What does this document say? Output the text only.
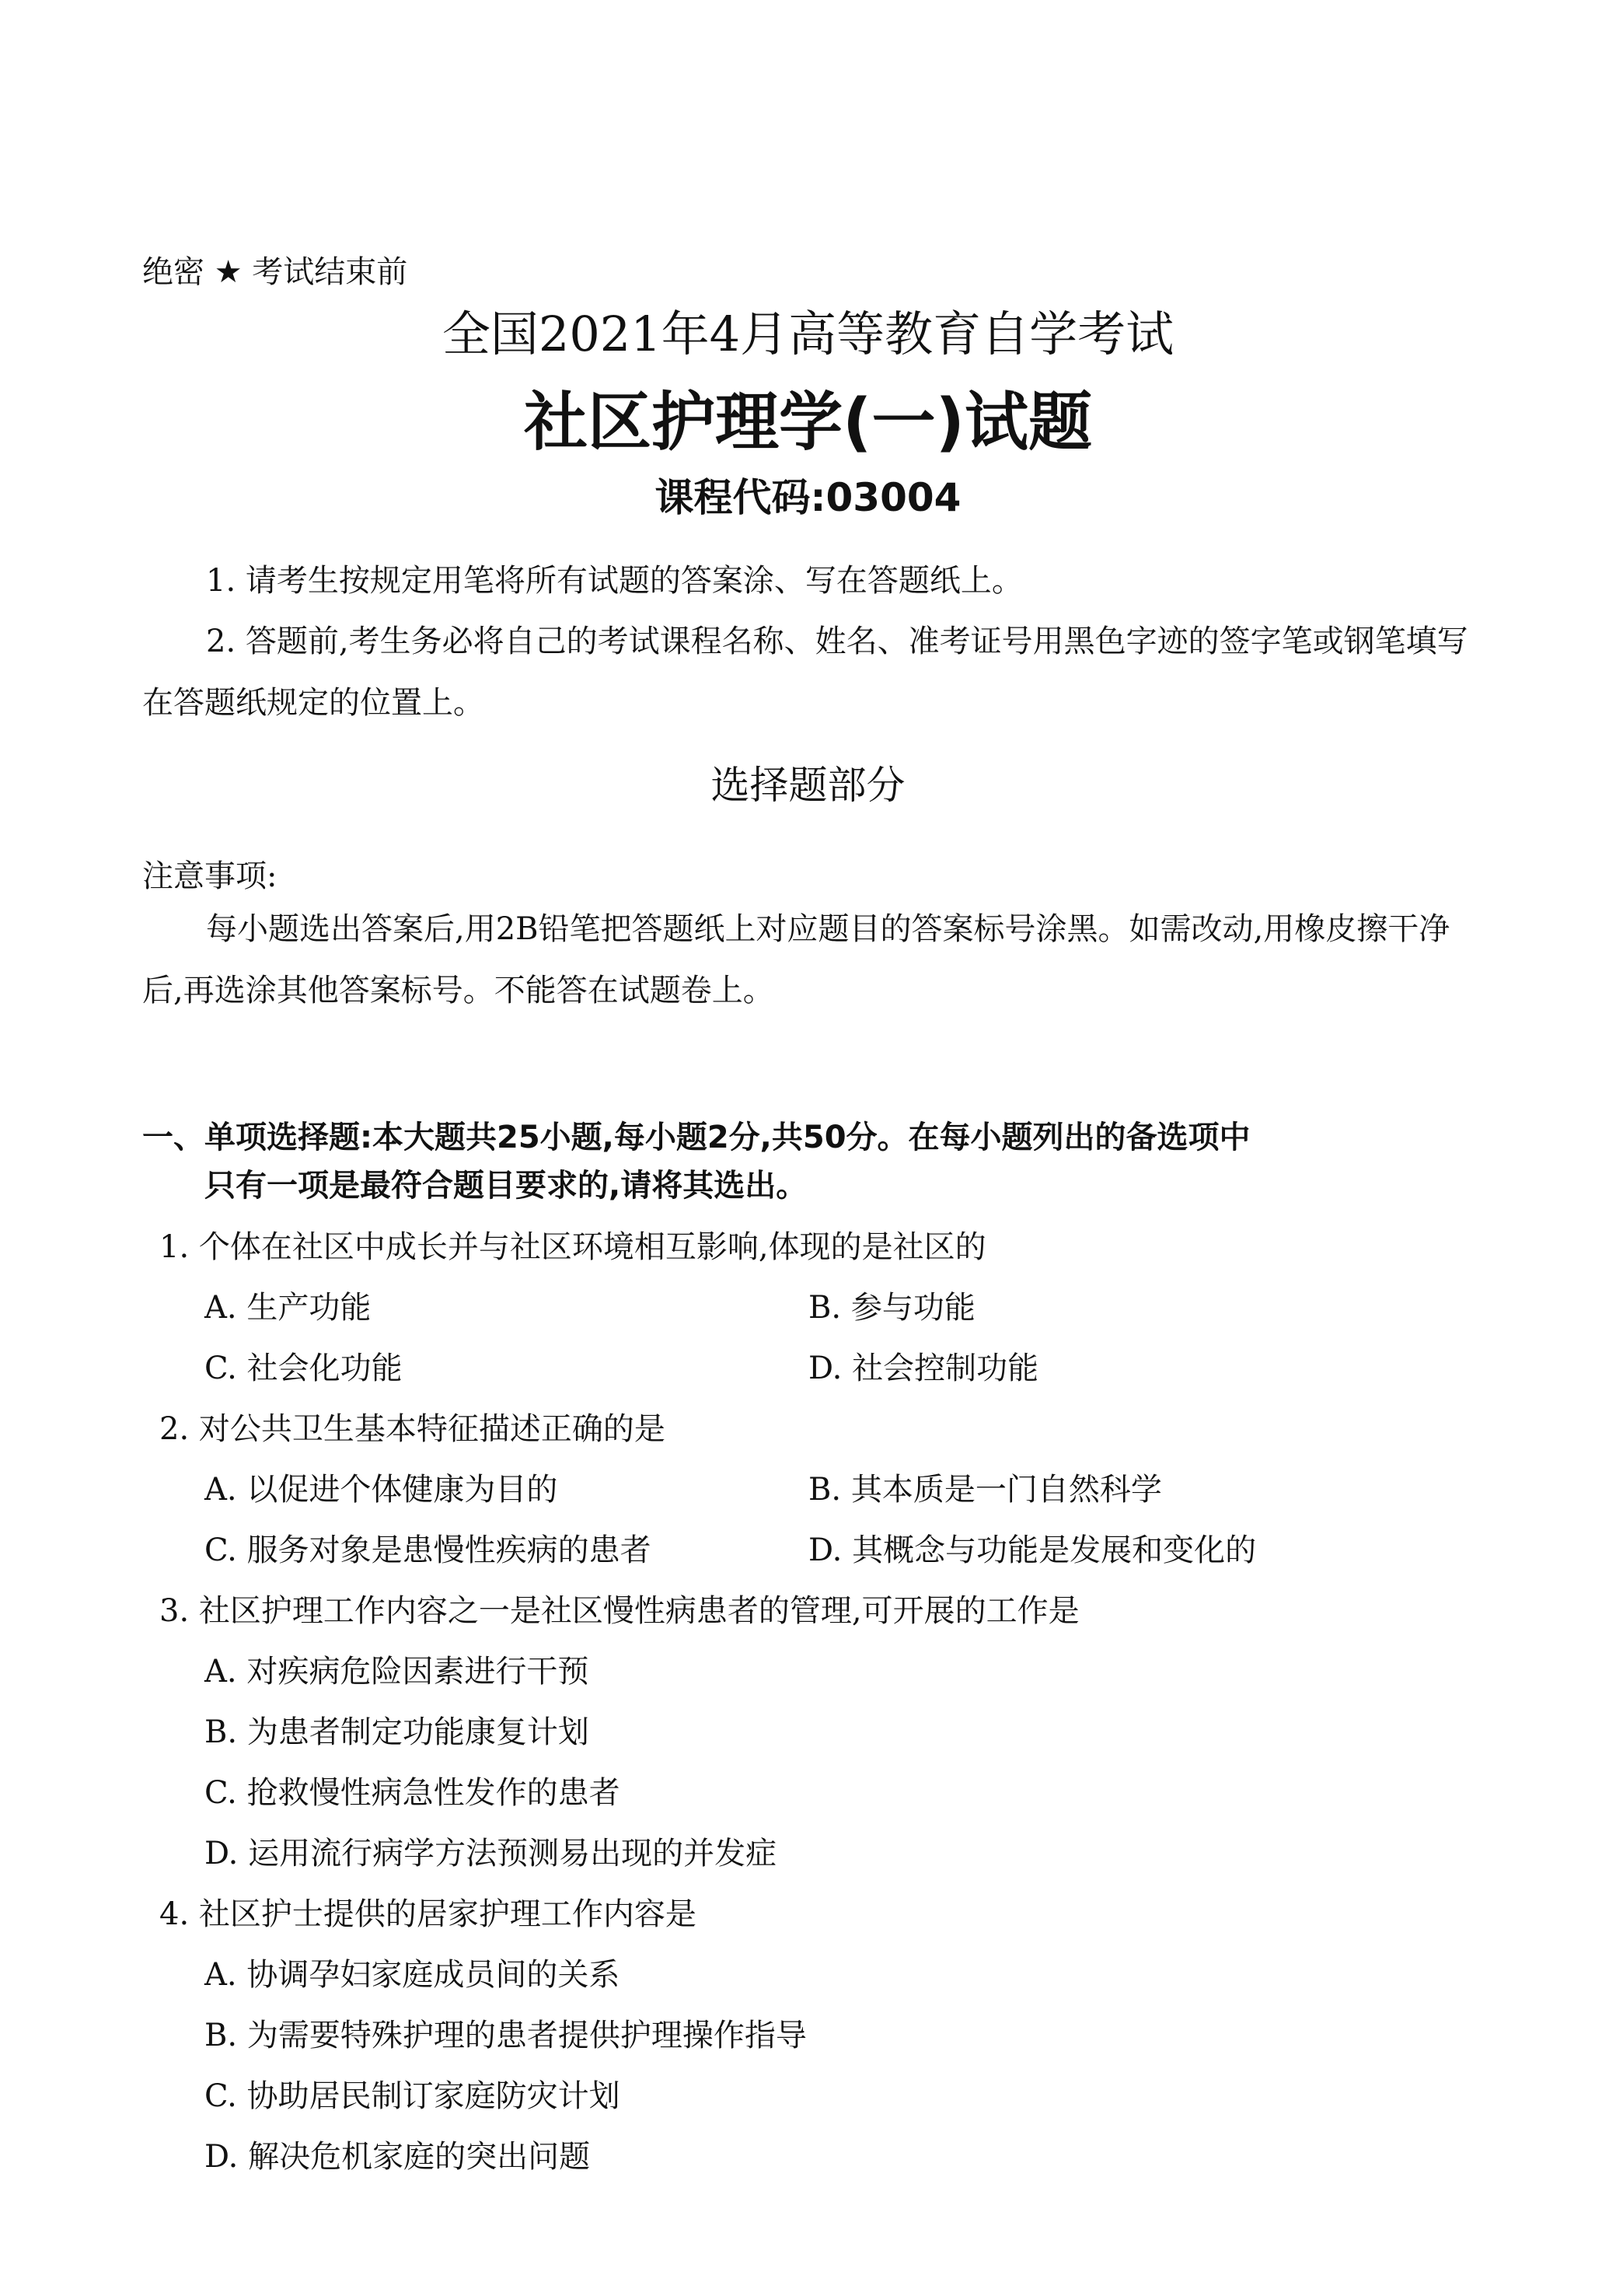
绝密 ★ 考试结束前
全国2021年4月高等教育自学考试
社区护理学(一)试题
课程代码:03004
1. 请考生按规定用笔将所有试题的答案涂、写在答题纸上。
2. 答题前,考生务必将自己的考试课程名称、姓名、准考证号用黑色字迹的签字笔或钢笔填写在答题纸规定的位置上。
选择题部分
注意事项:
每小题选出答案后,用2B铅笔把答题纸上对应题目的答案标号涂黑。如需改动,用橡皮擦干净后,再选涂其他答案标号。不能答在试题卷上。
一、单项选择题:本大题共25小题,每小题2分,共50分。在每小题列出的备选项中
只有一项是最符合题目要求的,请将其选出。
1. 个体在社区中成长并与社区环境相互影响,体现的是社区的
A. 生产功能	B. 参与功能
C. 社会化功能	D. 社会控制功能
2. 对公共卫生基本特征描述正确的是
A. 以促进个体健康为目的	B. 其本质是一门自然科学
C. 服务对象是患慢性疾病的患者	D. 其概念与功能是发展和变化的
3. 社区护理工作内容之一是社区慢性病患者的管理,可开展的工作是
A. 对疾病危险因素进行干预
B. 为患者制定功能康复计划
C. 抢救慢性病急性发作的患者
D. 运用流行病学方法预测易出现的并发症
4. 社区护士提供的居家护理工作内容是
A. 协调孕妇家庭成员间的关系
B. 为需要特殊护理的患者提供护理操作指导
C. 协助居民制订家庭防灾计划
D. 解决危机家庭的突出问题
